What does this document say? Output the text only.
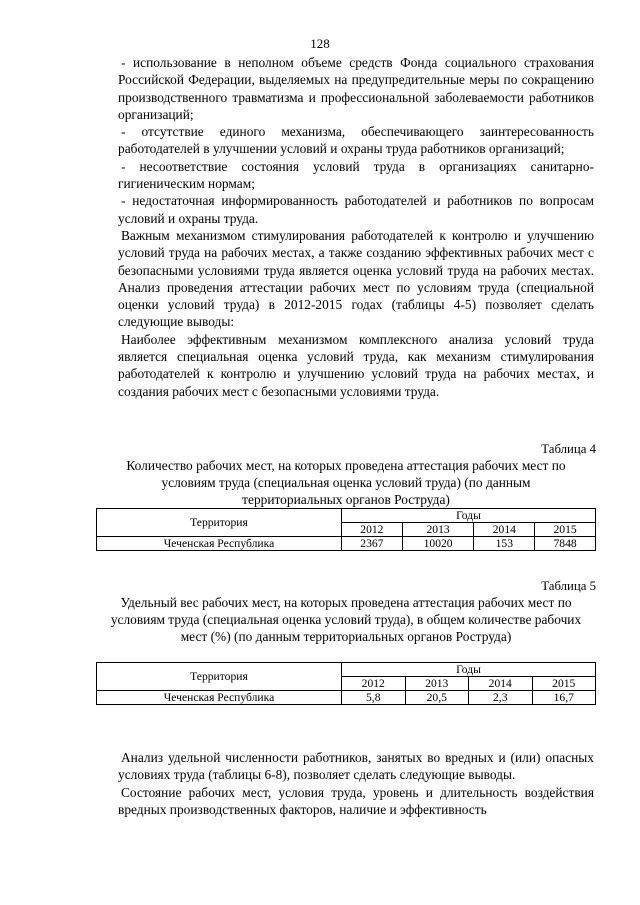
128

- использование в неполном объеме средств Фонда социального страхования Российской Федерации, выделяемых на предупредительные меры по сокращению производственного травматизма и профессиональной заболеваемости работников организаций;

- отсутствие единого механизма, обеспечивающего заинтересованность работодателей в улучшении условий и охраны труда работников организаций;

- несоответствие состояния условий труда в организациях санитарно-гигиеническим нормам;

- недостаточная информированность работодателей и работников по вопросам условий и охраны труда.

Важным механизмом стимулирования работодателей к контролю и улучшению условий труда на рабочих местах, а также созданию эффективных рабочих мест с безопасными условиями труда является оценка условий труда на рабочих местах. Анализ проведения аттестации рабочих мест по условиям труда (специальной оценки условий труда) в 2012-2015 годах (таблицы 4-5) позволяет сделать следующие выводы:

Наиболее эффективным механизмом комплексного анализа условий труда является специальная оценка условий труда, как механизм стимулирования работодателей к контролю и улучшению условий труда на рабочих местах, и создания рабочих мест с безопасными условиями труда.

Таблица 4
Количество рабочих мест, на которых проведена аттестация рабочих мест по условиям труда (специальная оценка условий труда) (по данным территориальных органов Роструда)
Территория	Годы			
	2012	2013	2014	2015
Чеченская Республика	2367	10020	153	7848
Таблица 5
Удельный вес рабочих мест, на которых проведена аттестация рабочих мест по условиям труда (специальная оценка условий труда), в общем количестве рабочих мест (%) (по данным территориальных органов Роструда)
Территория	Годы			
	2012	2013	2014	2015
Чеченская Республика	5,8	20,5	2,3	16,7

Анализ удельной численности работников, занятых во вредных и (или) опасных условиях труда (таблицы 6-8), позволяет сделать следующие выводы.

Состояние рабочих мест, условия труда, уровень и длительность воздействия вредных производственных факторов, наличие и эффективность
